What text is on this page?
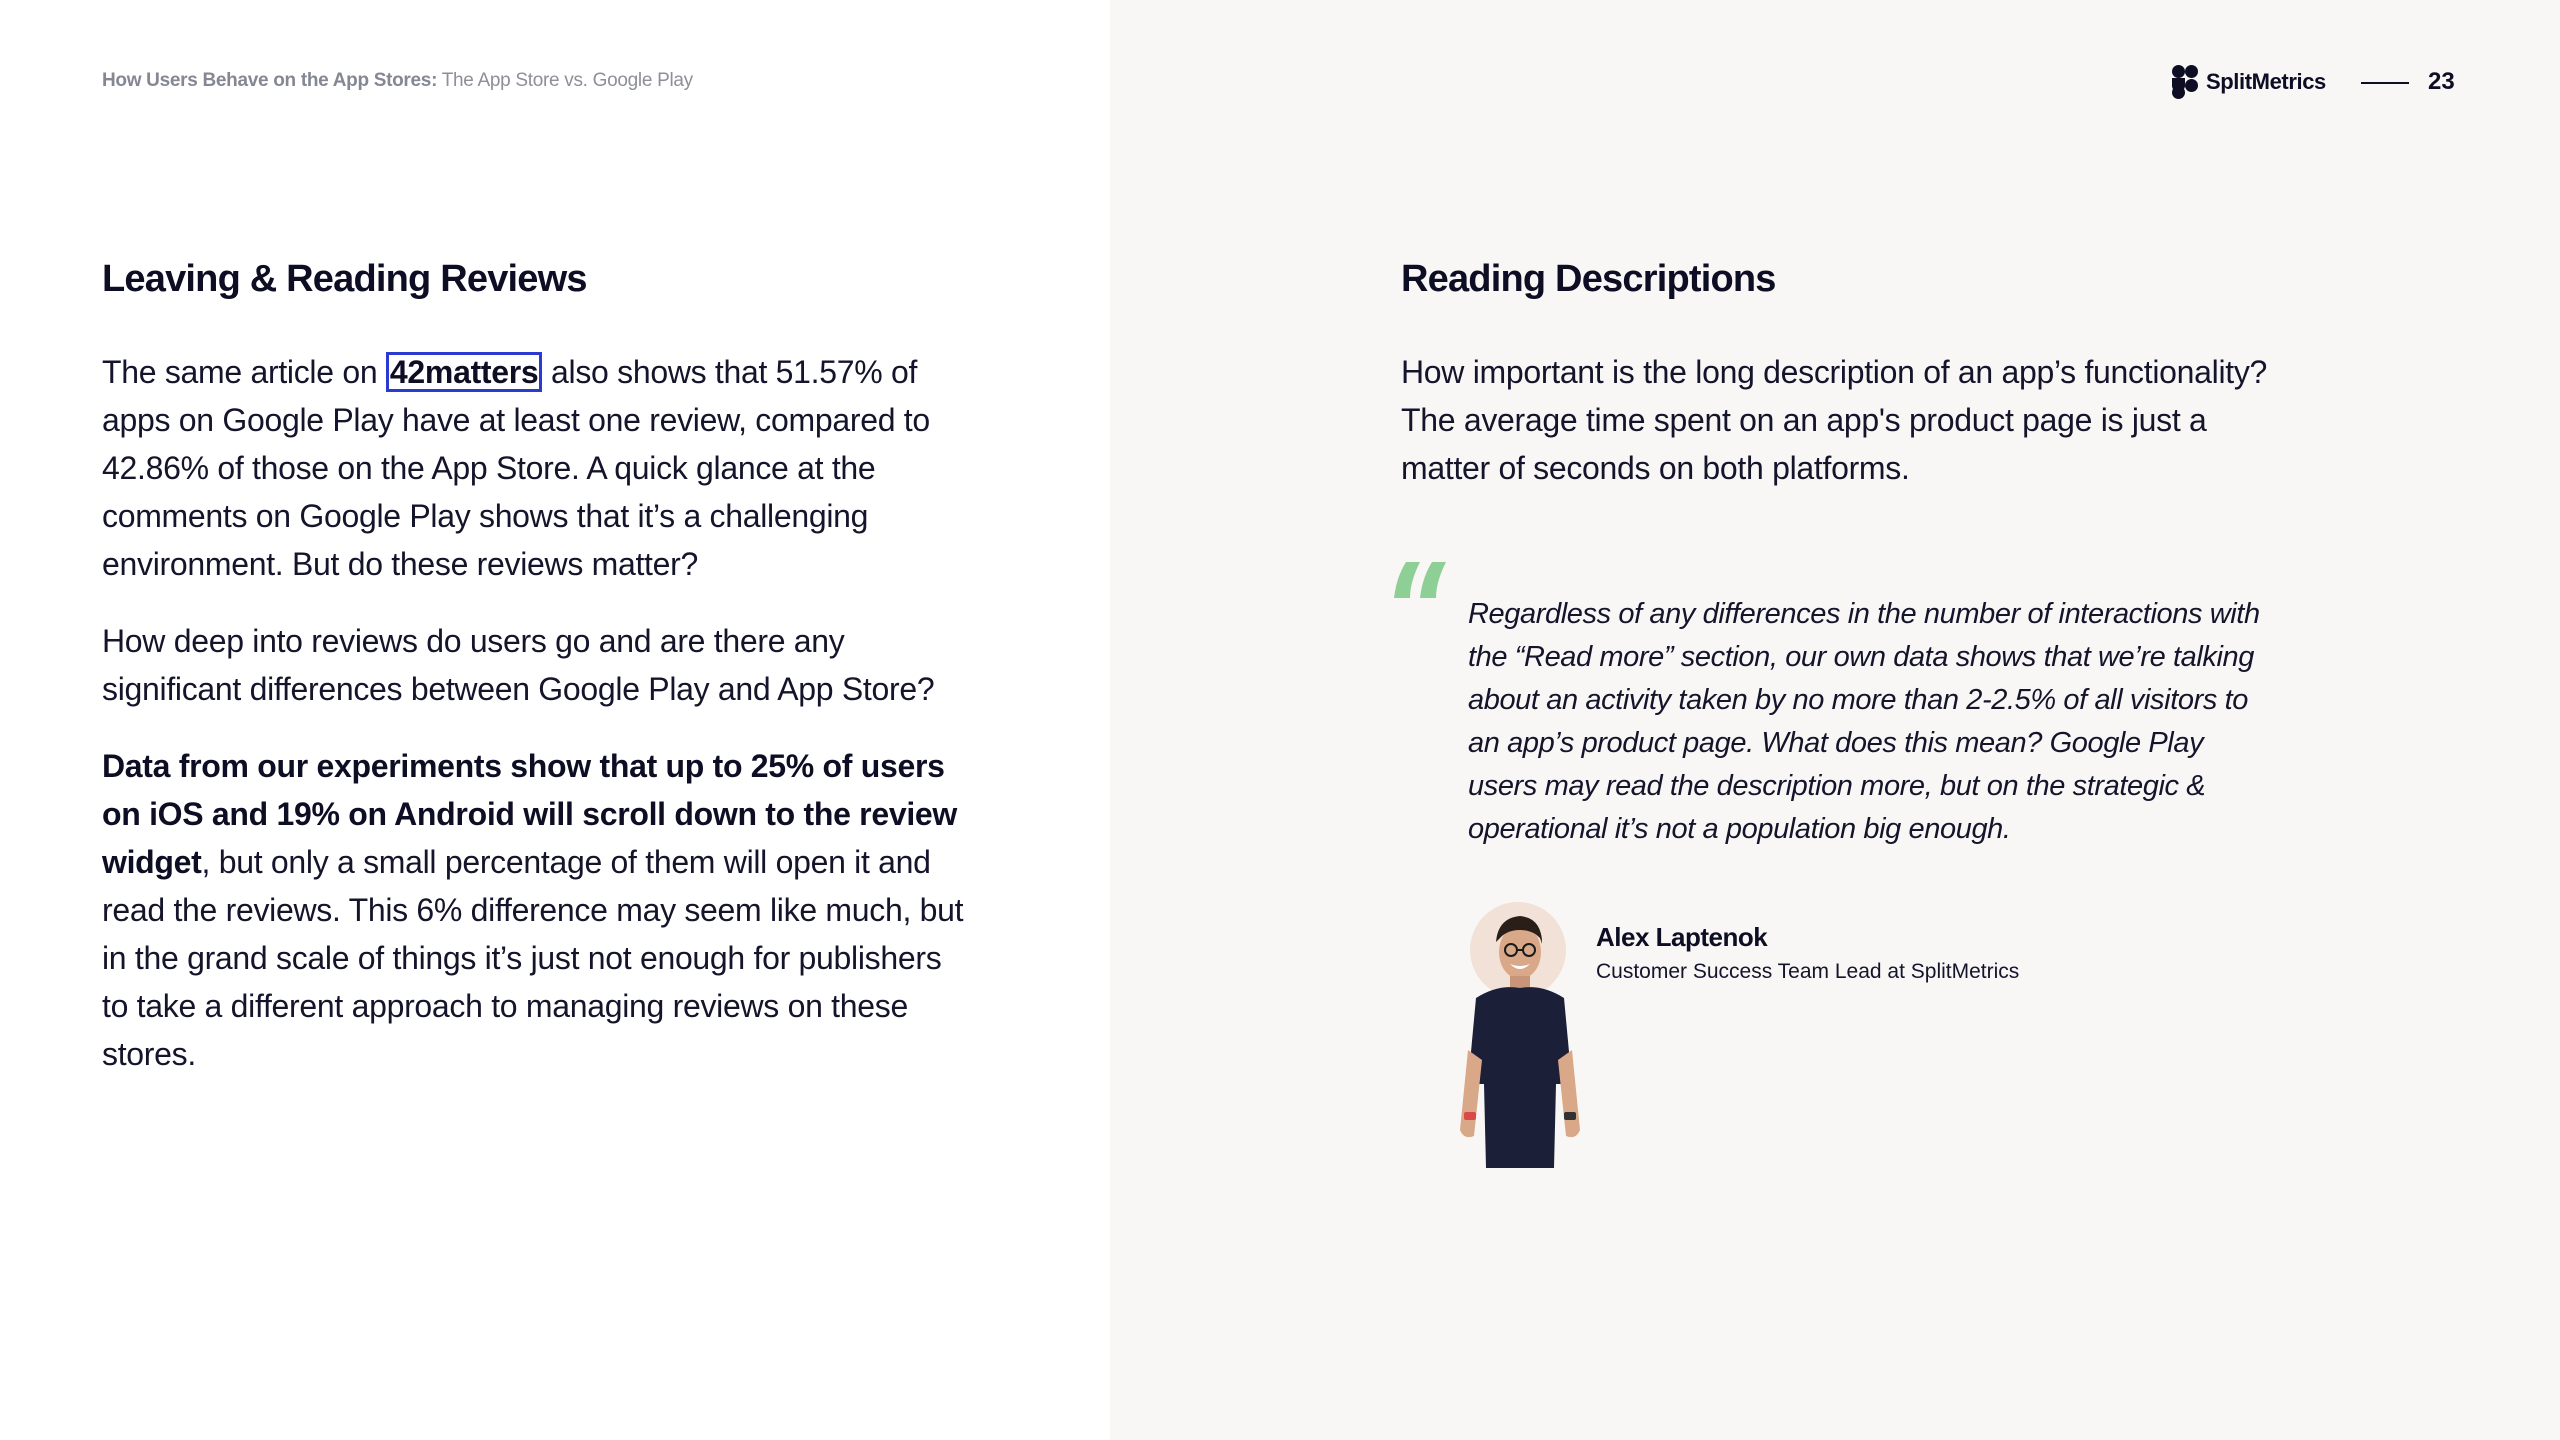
How Users Behave on the App Stores: The App Store vs. Google Play	SplitMetrics	23
Leaving & Reading Reviews

The same article on 42matters also shows that 51.57% of apps on Google Play have at least one review, compared to 42.86% of those on the App Store. A quick glance at the comments on Google Play shows that it’s a challenging environment. But do these reviews matter?

How deep into reviews do users go and are there any significant differences between Google Play and App Store?

Data from our experiments show that up to 25% of users on iOS and 19% on Android will scroll down to the review widget, but only a small percentage of them will open it and read the reviews. This 6% difference may seem like much, but in the grand scale of things it’s just not enough for publishers to take a different approach to managing reviews on these stores.

Reading Descriptions

How important is the long description of an app’s functionality? The average time spent on an app's product page is just a matter of seconds on both platforms.

Regardless of any differences in the number of interactions with the “Read more” section, our own data shows that we’re talking about an activity taken by no more than 2-2.5% of all visitors to an app’s product page. What does this mean? Google Play users may read the description more, but on the strategic & operational it’s not a population big enough.

Alex Laptenok
Customer Success Team Lead at SplitMetrics
